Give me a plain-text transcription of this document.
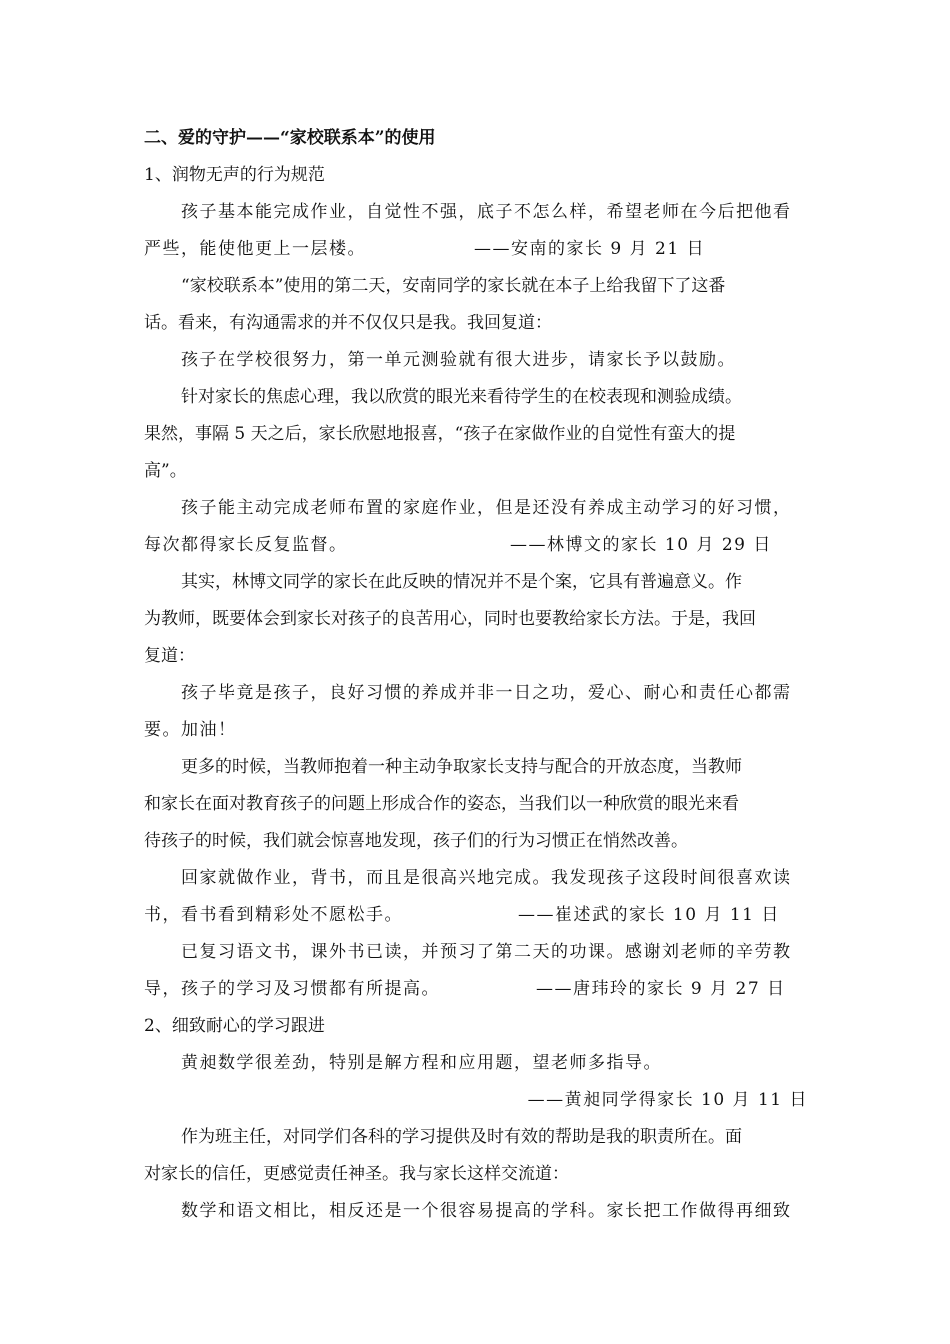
二、爱的守护——“家校联系本”的使用
1、润物无声的行为规范
孩子基本能完成作业，自觉性不强，底子不怎么样，希望老师在今后把他看
严些，能使他更上一层楼。	——安南的家长 9 月 21 日
“家校联系本”使用的第二天，安南同学的家长就在本子上给我留下了这番
话。看来，有沟通需求的并不仅仅只是我。我回复道：
孩子在学校很努力，第一单元测验就有很大进步，请家长予以鼓励。
针对家长的焦虑心理，我以欣赏的眼光来看待学生的在校表现和测验成绩。
果然，事隔 5 天之后，家长欣慰地报喜，“孩子在家做作业的自觉性有蛮大的提
高”。
孩子能主动完成老师布置的家庭作业，但是还没有养成主动学习的好习惯，
每次都得家长反复监督。	——林博文的家长 10 月 29 日
其实，林博文同学的家长在此反映的情况并不是个案，它具有普遍意义。作
为教师，既要体会到家长对孩子的良苦用心，同时也要教给家长方法。于是，我回
复道：
孩子毕竟是孩子，良好习惯的养成并非一日之功，爱心、耐心和责任心都需
要。加油！
更多的时候，当教师抱着一种主动争取家长支持与配合的开放态度，当教师
和家长在面对教育孩子的问题上形成合作的姿态，当我们以一种欣赏的眼光来看
待孩子的时候，我们就会惊喜地发现，孩子们的行为习惯正在悄然改善。
回家就做作业，背书，而且是很高兴地完成。我发现孩子这段时间很喜欢读
书，看书看到精彩处不愿松手。	——崔述武的家长 10 月 11 日
已复习语文书，课外书已读，并预习了第二天的功课。感谢刘老师的辛劳教
导，孩子的学习及习惯都有所提高。	——唐玮玲的家长 9 月 27 日
2、细致耐心的学习跟进
黄昶数学很差劲，特别是解方程和应用题，望老师多指导。
——黄昶同学得家长 10 月 11 日
作为班主任，对同学们各科的学习提供及时有效的帮助是我的职责所在。面
对家长的信任，更感觉责任神圣。我与家长这样交流道：
数学和语文相比，相反还是一个很容易提高的学科。家长把工作做得再细致
